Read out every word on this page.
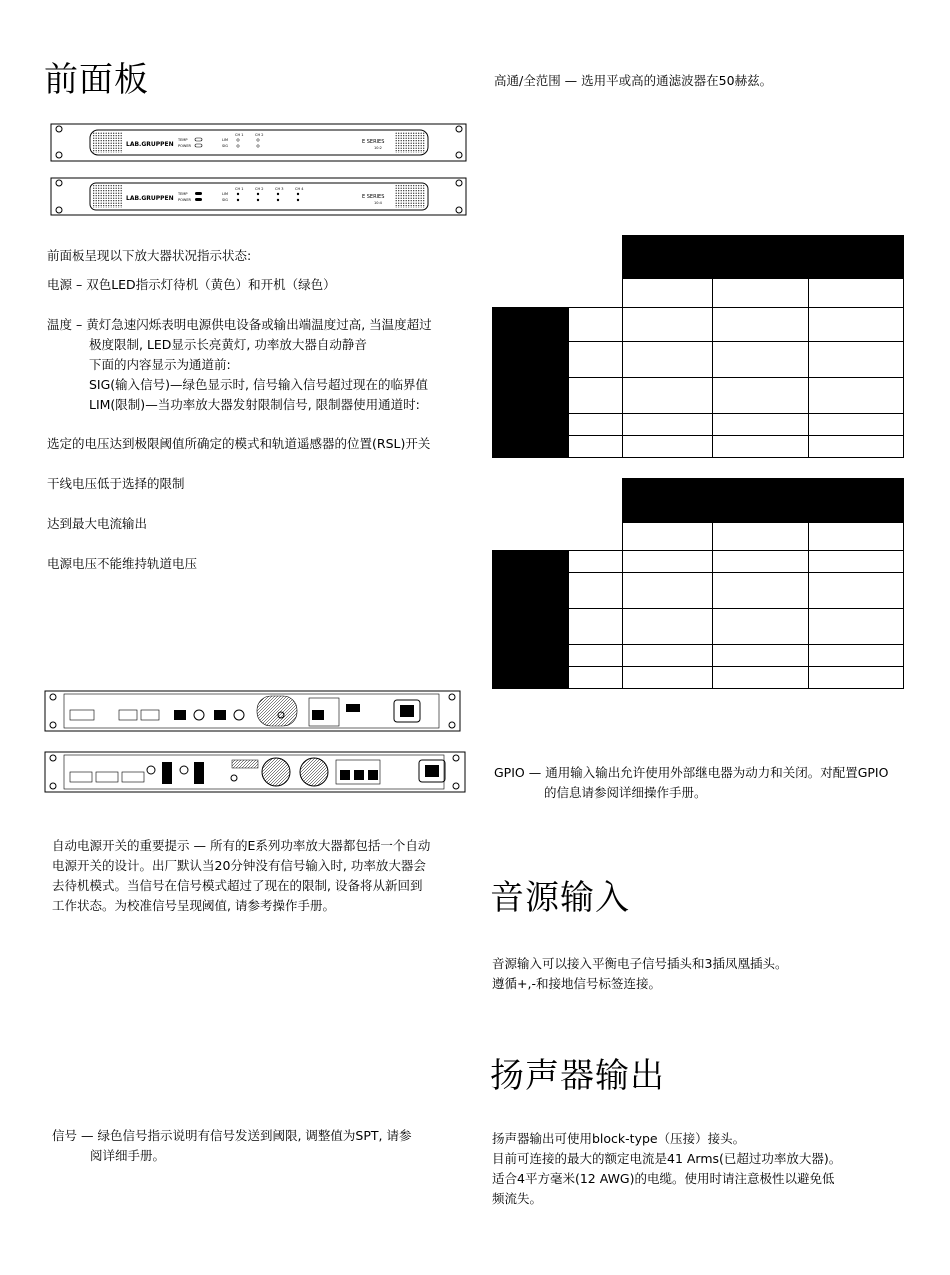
前面板
音源输入
扬声器输出
高通/全范围 — 选用平或高的通滤波器在50赫兹。
LAB.GRUPPEN
TEMP
POWER
LIM
SIG
CH 1	CH 2
E SERIES
10:2
LAB.GRUPPEN
TEMP
POWER
LIM
SIG
CH 1	CH 2	CH 3	CH 4
E SERIES
10:4
前面板呈现以下放大器状况指示状态:
电源 – 双色LED指示灯待机（黄色）和开机（绿色）
温度 – 黄灯急速闪烁表明电源供电设备或输出端温度过高, 当温度超过
极度限制, LED显示长亮黄灯, 功率放大器自动静音
下面的内容显示为通道前:
SIG(输入信号)—绿色显示时, 信号输入信号超过现在的临界值
LIM(限制)—当功率放大器发射限制信号, 限制器使用通道时:
选定的电压达到极限阈值所确定的模式和轨道遥感器的位置(RSL)开关
干线电压低于选择的限制
达到最大电流输出
电源电压不能维持轨道电压

自动电源开关的重要提示 — 所有的E系列功率放大器都包括一个自动
电源开关的设计。出厂默认当20分钟没有信号输入时, 功率放大器会
去待机模式。当信号在信号模式超过了现在的限制, 设备将从新回到
工作状态。为校准信号呈现阈值, 请参考操作手册。
信号 — 绿色信号指示说明有信号发送到阈限, 调整值为SPT, 请参
阅详细手册。
GPIO — 通用输入输出允许使用外部继电器为动力和关闭。对配置GPIO
的信息请参阅详细操作手册。
音源输入可以接入平衡电子信号插头和3插凤凰插头。
遵循+,-和接地信号标签连接。
扬声器输出可使用block-type（压接）接头。
目前可连接的最大的额定电流是41 Arms(已超过功率放大器)。
适合4平方毫米(12 AWG)的电缆。使用时请注意极性以避免低
频流失。
